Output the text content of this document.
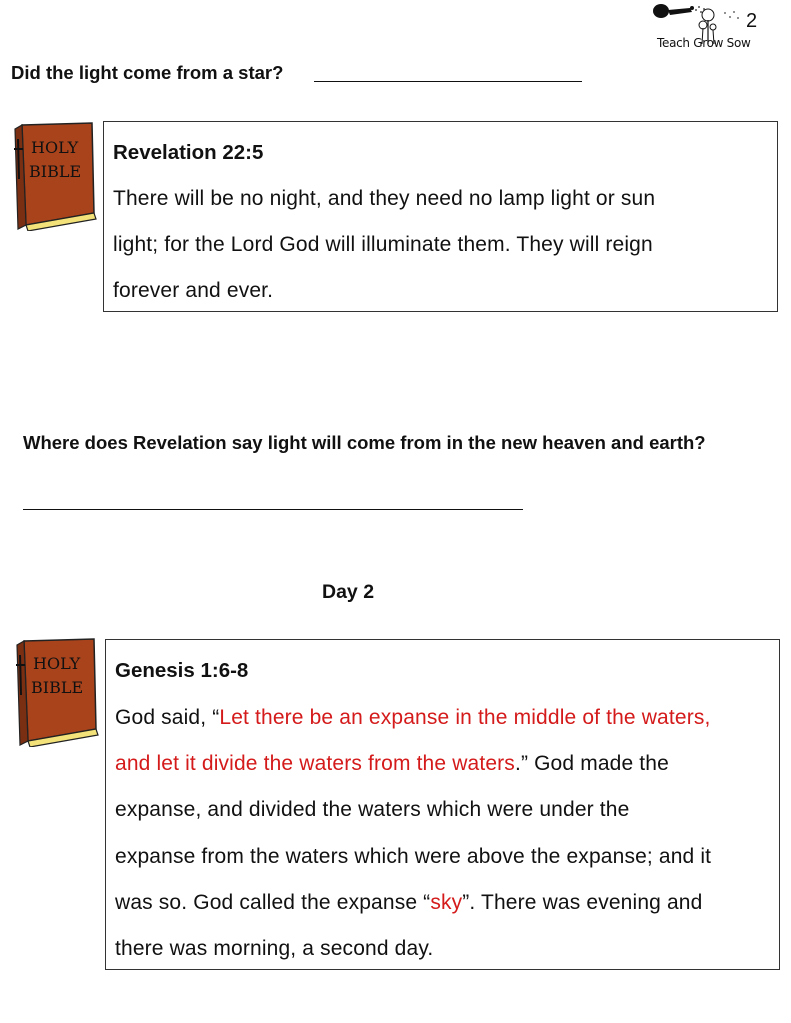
2
Teach Grow Sow
Did the light come from a star?
HOLY
BIBLE
Revelation 22:5
There will be no night, and they need no lamp light or sun
light; for the Lord God will illuminate them. They will reign
forever and ever.
Where does Revelation say light will come from in the new heaven and earth?
Day 2
HOLY
BIBLE
Genesis 1:6-8
God said, “Let there be an expanse in the middle of the waters,
and let it divide the waters from the waters.” God made the
expanse, and divided the waters which were under the
expanse from the waters which were above the expanse; and it
was so. God called the expanse “sky”. There was evening and
there was morning, a second day.
